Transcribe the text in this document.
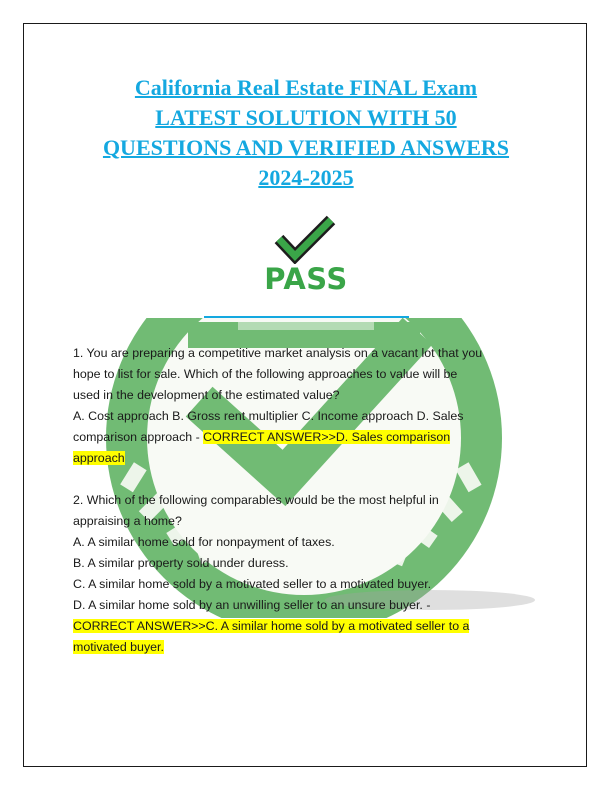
California Real Estate FINAL Exam
LATEST SOLUTION WITH 50
QUESTIONS AND VERIFIED ANSWERS
2024-2025
PASS

1. You are preparing a competitive market analysis on a vacant lot that you

hope to list for sale. Which of the following approaches to value will be

used in the development of the estimated value?

A. Cost approach B. Gross rent multiplier C. Income approach D. Sales

comparison approach - CORRECT ANSWER>>D. Sales comparison

approach

2. Which of the following comparables would be the most helpful in

appraising a home?

A. A similar home sold for nonpayment of taxes.

B. A similar property sold under duress.

C. A similar home sold by a motivated seller to a motivated buyer.

D. A similar home sold by an unwilling seller to an unsure buyer. -

CORRECT ANSWER>>C. A similar home sold by a motivated seller to a

motivated buyer.
